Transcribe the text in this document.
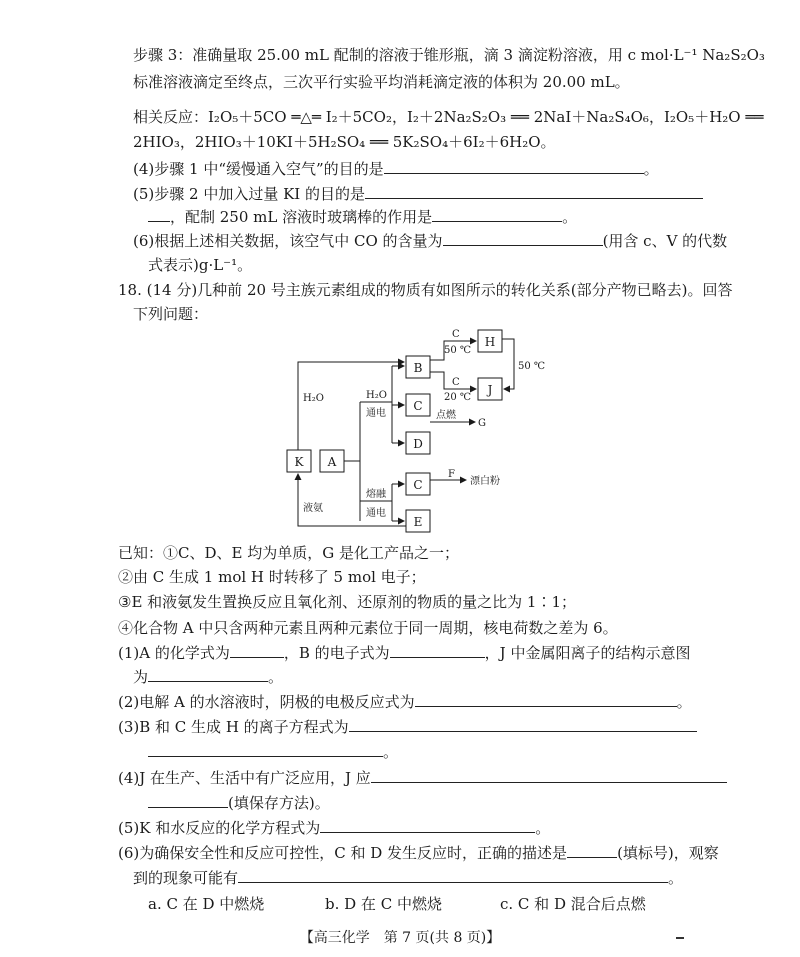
步骤 3：准确量取 25.00 mL 配制的溶液于锥形瓶，滴 3 滴淀粉溶液，用 c mol·L⁻¹ Na₂S₂O₃
标准溶液滴定至终点，三次平行实验平均消耗滴定液的体积为 20.00 mL。
相关反应：I₂O₅＋5CO ═△═ I₂＋5CO₂，I₂＋2Na₂S₂O₃ ══ 2NaI＋Na₂S₄O₆，I₂O₅＋H₂O ══
2HIO₃，2HIO₃＋10KI＋5H₂SO₄ ══ 5K₂SO₄＋6I₂＋6H₂O。
(4)步骤 1 中“缓慢通入空气”的目的是	。
(5)步骤 2 中加入过量 KI 的目的是
，配制 250 mL 溶液时玻璃棒的作用是	。
(6)根据上述相关数据，该空气中 CO 的含量为	(用含 c、V 的代数
式表示)g·L⁻¹。
18. (14 分)几种前 20 号主族元素组成的物质有如图所示的转化关系(部分产物已略去)。回答
下列问题：
K A
B
C
D
C
E
H
J
C
50 ℃
C
20 ℃
50 ℃
H₂O	H₂O
通电	点燃
G
熔融
通电
F
漂白粉
液氨
已知：①C、D、E 均为单质，G 是化工产品之一；
②由 C 生成 1 mol H 时转移了 5 mol 电子；
③E 和液氨发生置换反应且氧化剂、还原剂的物质的量之比为 1∶1；
④化合物 A 中只含两种元素且两种元素位于同一周期，核电荷数之差为 6。
(1)A 的化学式为	，B 的电子式为	，J 中金属阳离子的结构示意图
为	。
(2)电解 A 的水溶液时，阴极的电极反应式为	。
(3)B 和 C 生成 H 的离子方程式为
。
(4)J 在生产、生活中有广泛应用，J 应
(填保存方法)。
(5)K 和水反应的化学方程式为	。
(6)为确保安全性和反应可控性，C 和 D 发生反应时，正确的描述是	(填标号)，观察
到的现象可能有	。
a. C 在 D 中燃烧	b. D 在 C 中燃烧	c. C 和 D 混合后点燃
【高三化学　第 7 页(共 8 页)】
